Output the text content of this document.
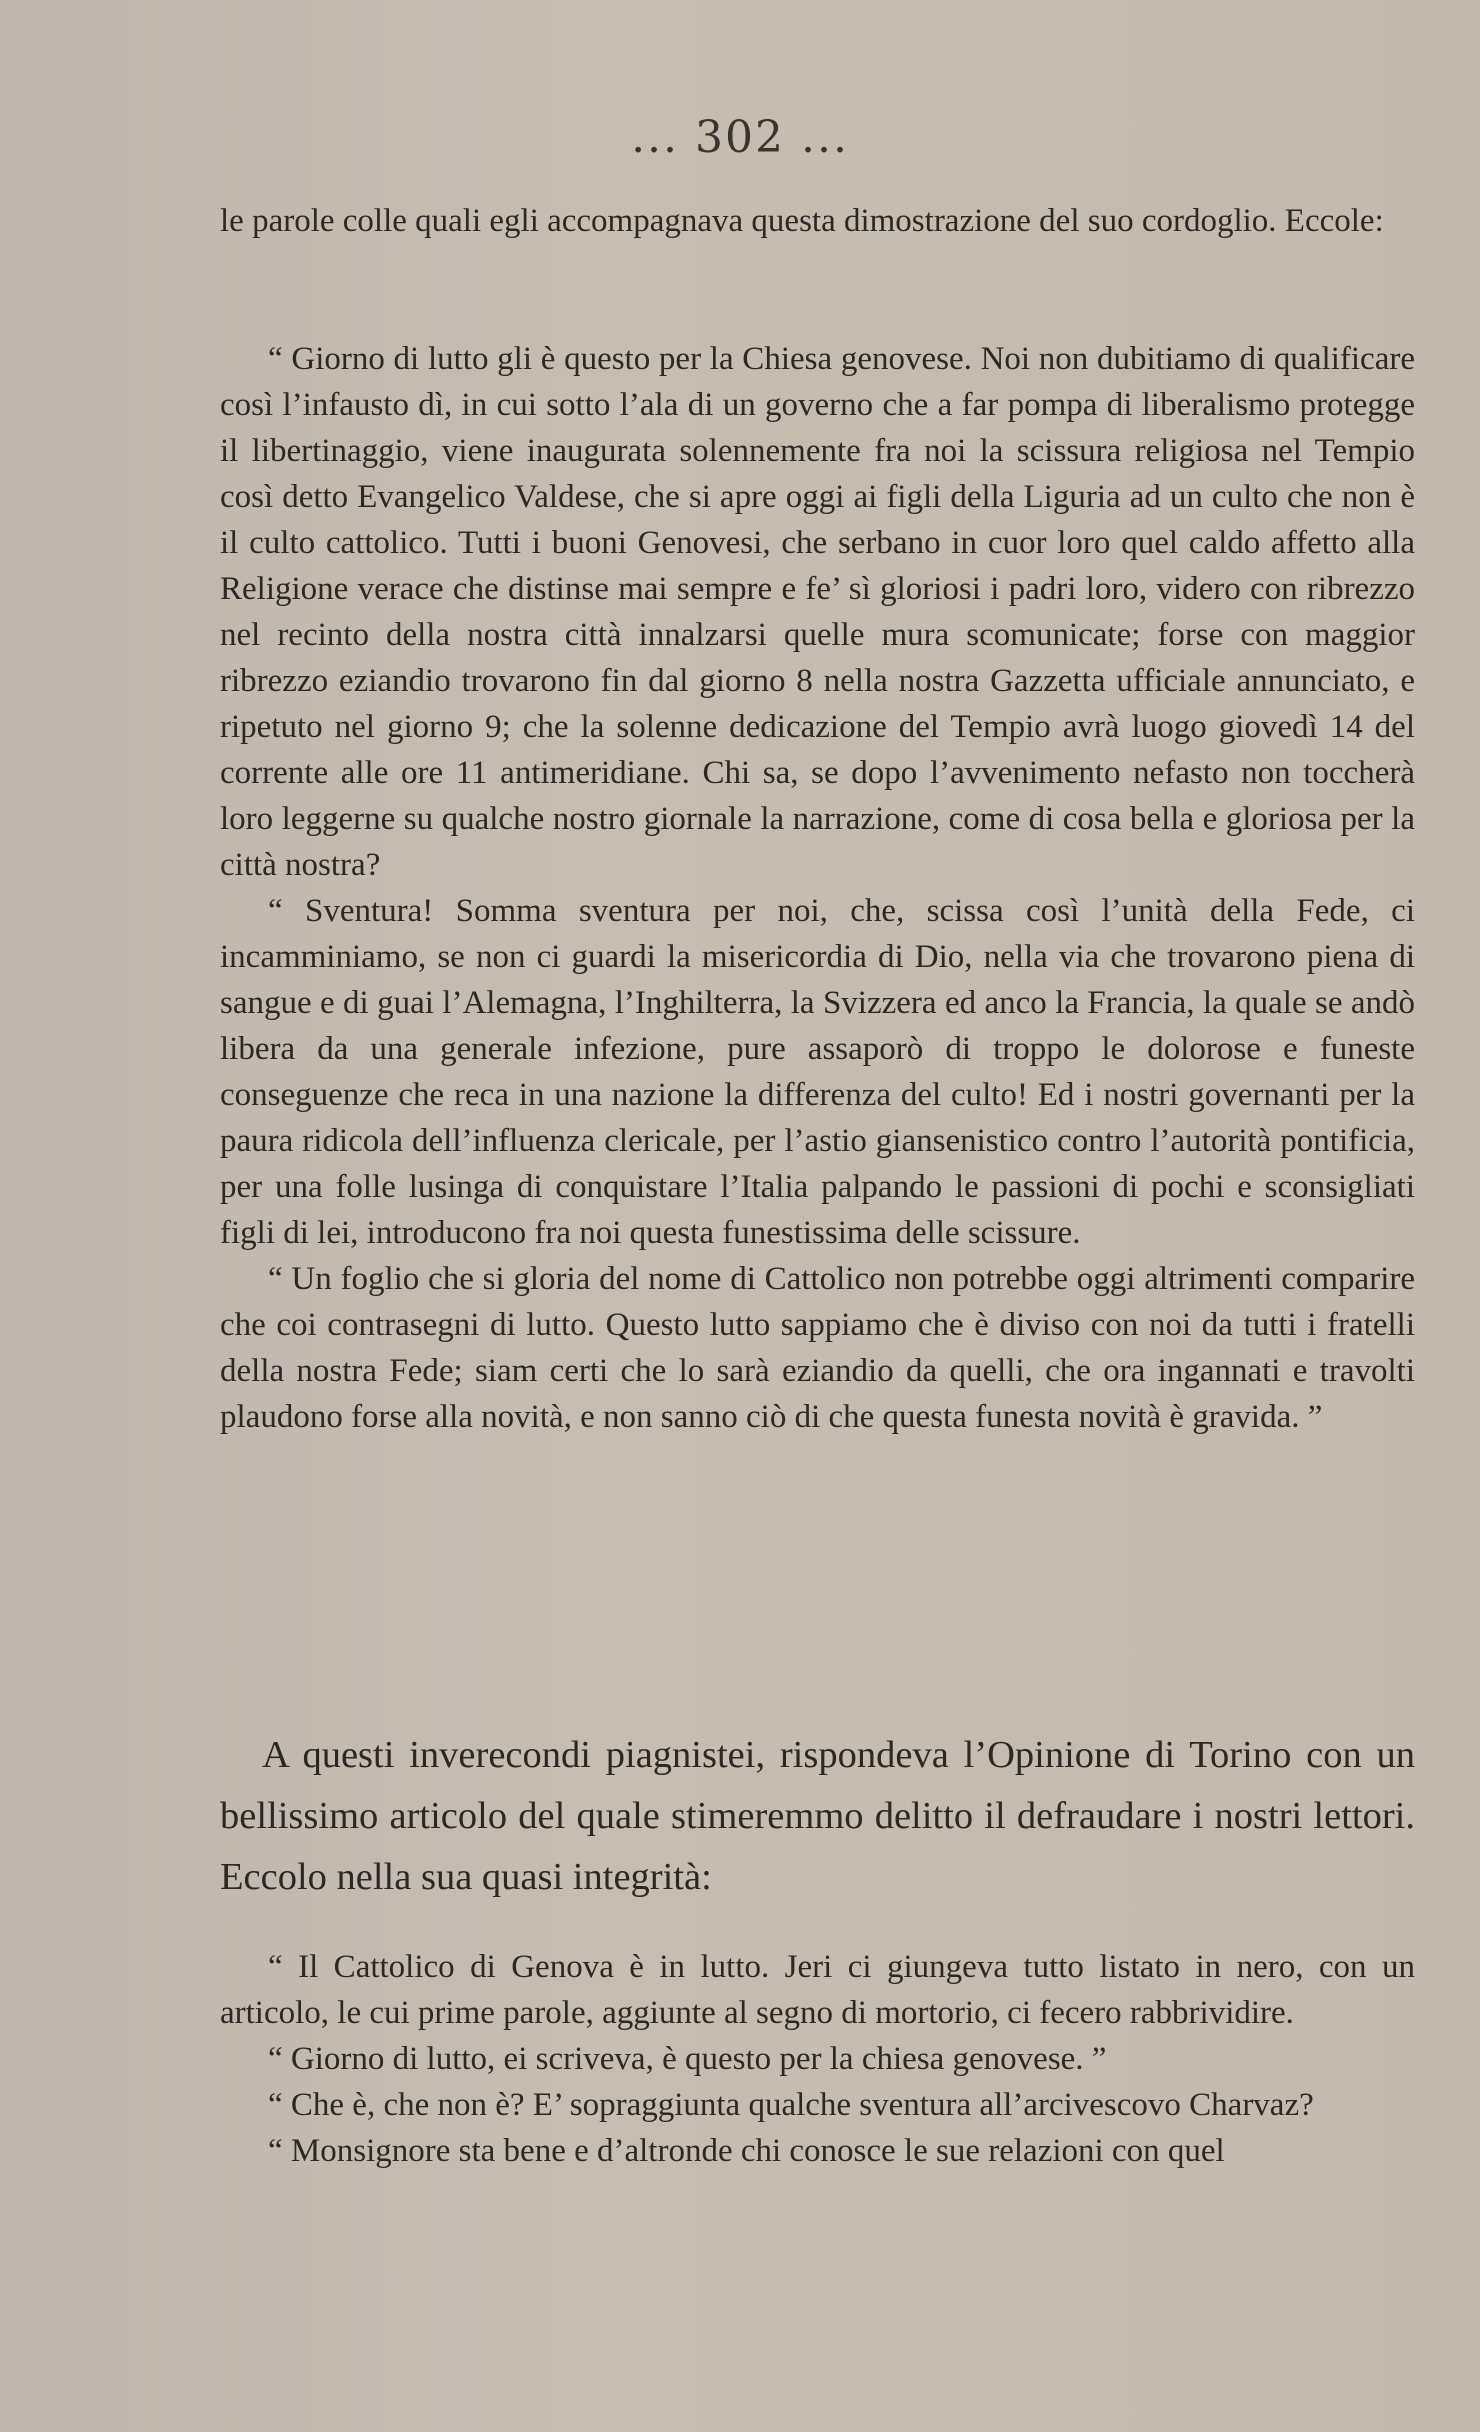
... 302 ...

le parole colle quali egli accompagnava questa dimostrazione del suo cordoglio. Eccole:

“ Giorno di lutto gli è questo per la Chiesa genovese. Noi non dubitiamo di qualificare così l’infausto dì, in cui sotto l’ala di un governo che a far pompa di liberalismo protegge il libertinaggio, viene inaugurata solennemente fra noi la scissura religiosa nel Tempio così detto Evangelico Valdese, che si apre oggi ai figli della Liguria ad un culto che non è il culto cattolico. Tutti i buoni Genovesi, che serbano in cuor loro quel caldo affetto alla Religione verace che distinse mai sempre e fe’ sì gloriosi i padri loro, videro con ribrezzo nel recinto della nostra città innalzarsi quelle mura scomunicate; forse con maggior ribrezzo eziandio trovarono fin dal giorno 8 nella nostra Gazzetta ufficiale annunciato, e ripetuto nel giorno 9; che la solenne dedicazione del Tempio avrà luogo giovedì 14 del corrente alle ore 11 antimeridiane. Chi sa, se dopo l’avvenimento nefasto non toccherà loro leggerne su qualche nostro giornale la narrazione, come di cosa bella e gloriosa per la città nostra?

“ Sventura! Somma sventura per noi, che, scissa così l’unità della Fede, ci incamminiamo, se non ci guardi la misericordia di Dio, nella via che trovarono piena di sangue e di guai l’Alemagna, l’Inghilterra, la Svizzera ed anco la Francia, la quale se andò libera da una generale infezione, pure assaporò di troppo le dolorose e funeste conseguenze che reca in una nazione la differenza del culto! Ed i nostri governanti per la paura ridicola dell’influenza clericale, per l’astio giansenistico contro l’autorità pontificia, per una folle lusinga di conquistare l’Italia palpando le passioni di pochi e sconsigliati figli di lei, introducono fra noi questa funestissima delle scissure.

“ Un foglio che si gloria del nome di Cattolico non potrebbe oggi altrimenti comparire che coi contrasegni di lutto. Questo lutto sappiamo che è diviso con noi da tutti i fratelli della nostra Fede; siam certi che lo sarà eziandio da quelli, che ora ingannati e travolti plaudono forse alla novità, e non sanno ciò di che questa funesta novità è gravida. ”

A questi inverecondi piagnistei, rispondeva l’Opinione di Torino con un bellissimo articolo del quale stimeremmo delitto il defraudare i nostri lettori. Eccolo nella sua quasi integrità:

“ Il Cattolico di Genova è in lutto. Jeri ci giungeva tutto listato in nero, con un articolo, le cui prime parole, aggiunte al segno di mortorio, ci fecero rabbrividire.

“ Giorno di lutto, ei scriveva, è questo per la chiesa genovese. ”

“ Che è, che non è? E’ sopraggiunta qualche sventura all’arcivescovo Charvaz?

“ Monsignore sta bene e d’altronde chi conosce le sue relazioni con quel
